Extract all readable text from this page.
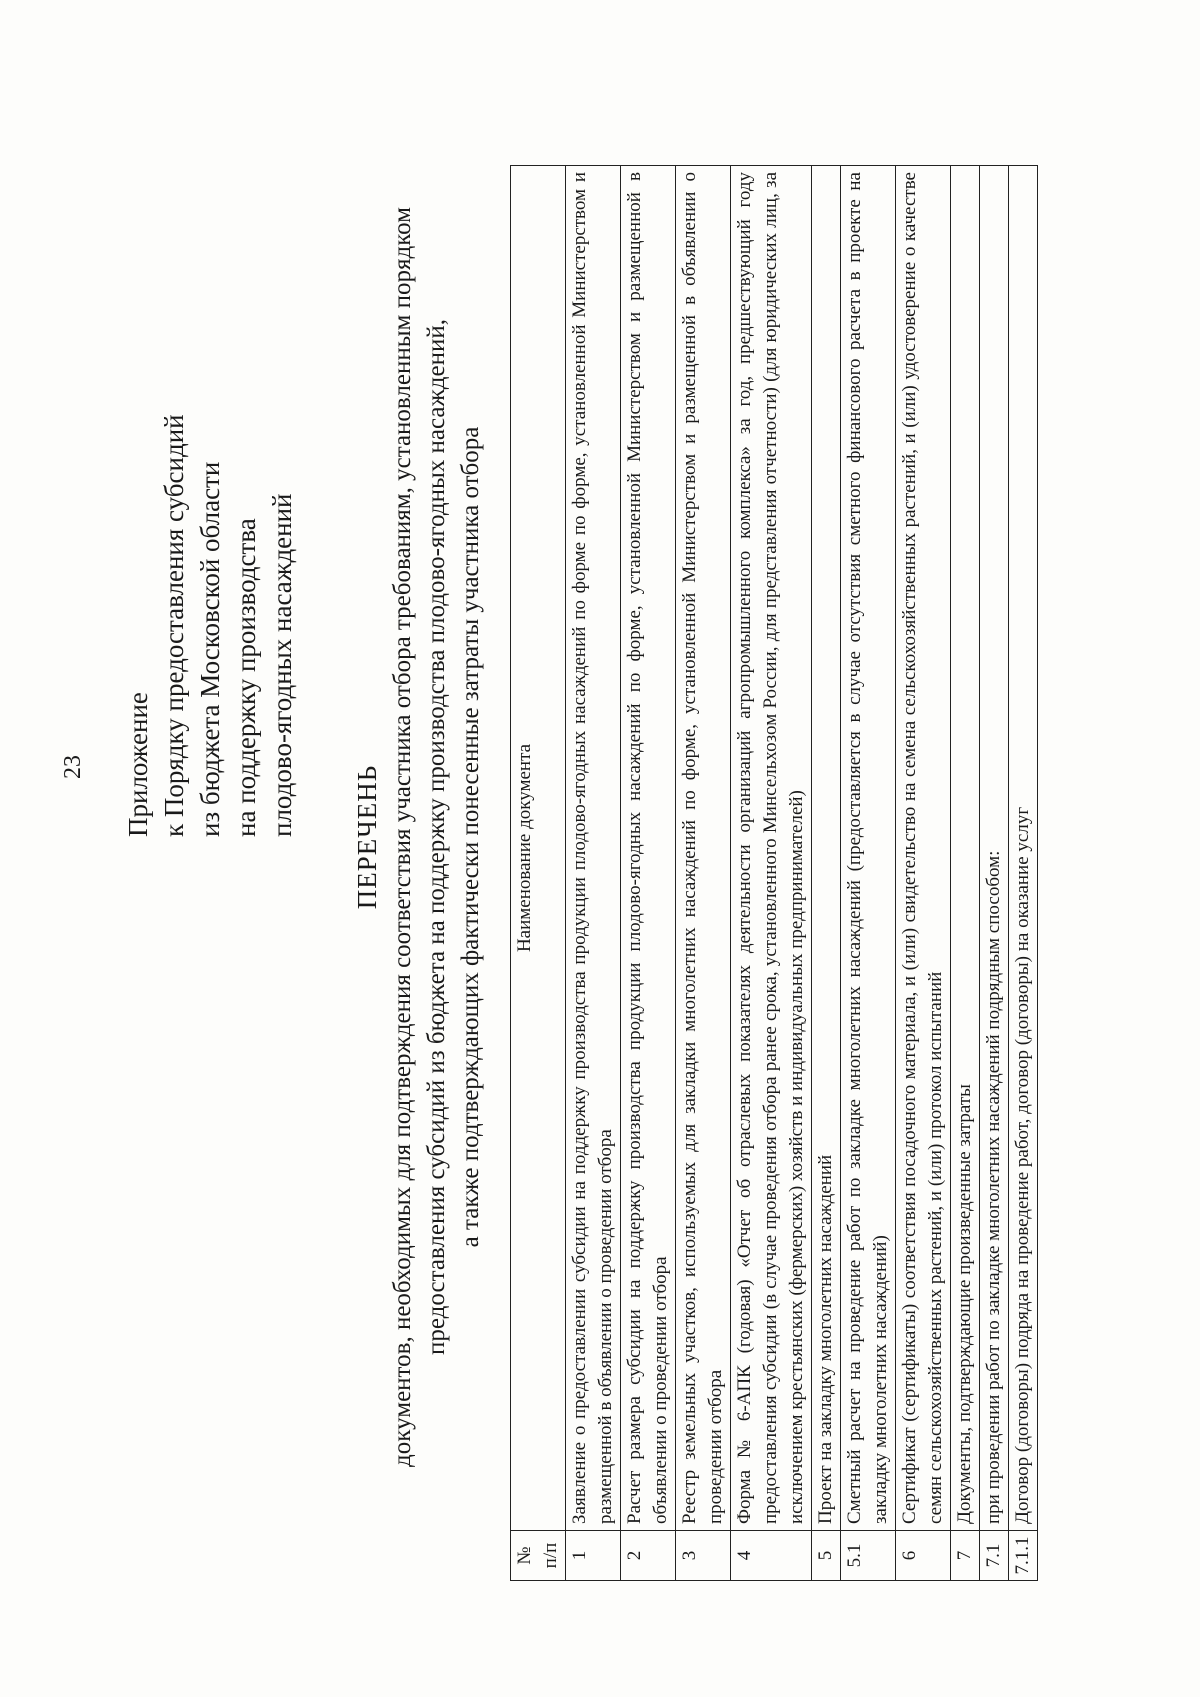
23 Приложение к Порядку предоставления субсидий из бюджета Московской области на поддержку производства плодово-ягодных насаждений
ПЕРЕЧЕНЬ документов, необходимых для подтверждения соответствия участника отбора требованиям, установленным порядком предоставления субсидий из бюджета на поддержку производства плодово-ягодных насаждений, а также подтверждающих фактически понесенные затраты участника отбора
№ п/п	Наименование документа
1	Заявление о предоставлении субсидии на поддержку производства продукции плодово-ягодных насаждений по форме по форме, установленной Министерством и размещенной в объявлении о проведении отбора
2	Расчет размера субсидии на поддержку производства продукции плодово-ягодных насаждений по форме, установленной Министерством и размещенной в объявлении о проведении отбора
3	Реестр земельных участков, используемых для закладки многолетних насаждений по форме, установленной Министерством и размещенной в объявлении о проведении отбора
4	Форма № 6-АПК (годовая) «Отчет об отраслевых показателях деятельности организаций агропромышленного комплекса» за год, предшествующий году предоставления субсидии (в случае проведения отбора ранее срока, установленного Минсельхозом России, для представления отчетности) (для юридических лиц, за исключением крестьянских (фермерских) хозяйств и индивидуальных предпринимателей)
5	Проект на закладку многолетних насаждений
5.1	Сметный расчет на проведение работ по закладке многолетних насаждений (предоставляется в случае отсутствия сметного финансового расчета в проекте на закладку многолетних насаждений)
6	Сертификат (сертификаты) соответствия посадочного материала, и (или) свидетельство на семена сельскохозяйственных растений, и (или) удостоверение о качестве семян сельскохозяйственных растений, и (или) протокол испытаний
7	Документы, подтверждающие произведенные затраты
7.1	при проведении работ по закладке многолетних насаждений подрядным способом:
7.1.1	Договор (договоры) подряда на проведение работ, договор (договоры) на оказание услуг
